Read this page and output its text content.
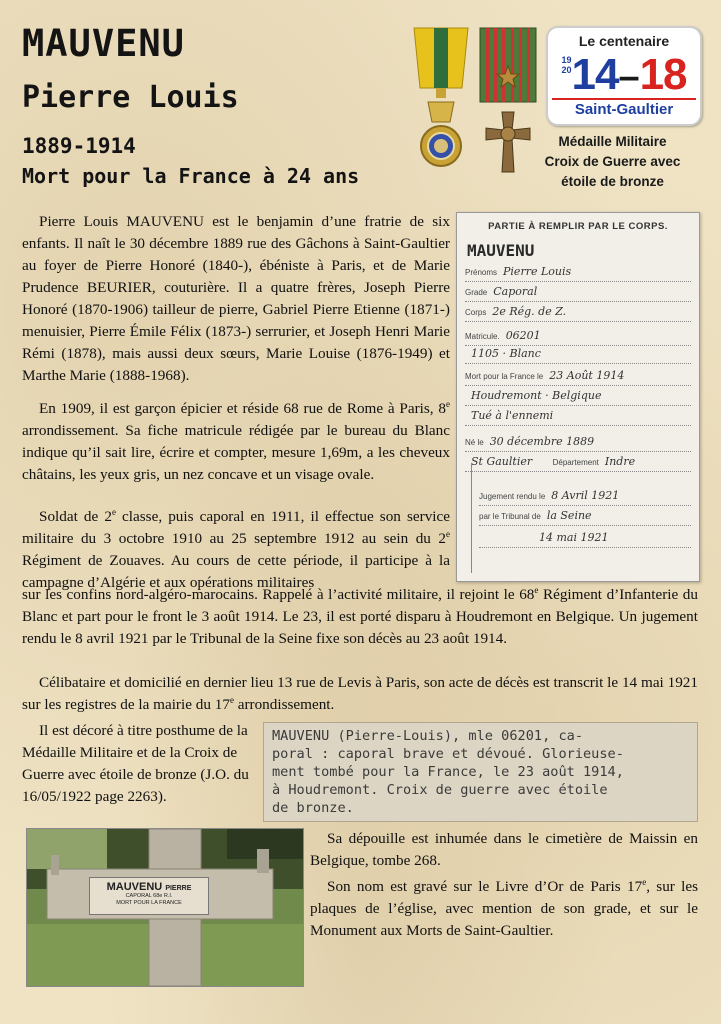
MAUVENU
Pierre Louis
1889-1914
Mort pour la France à 24 ans
Médaille Militaire
Croix de Guerre avec
étoile de bronze
Le centenaire
19
2014–18
Saint-Gaultier

Pierre Louis MAUVENU est le benjamin d’une fratrie de six enfants. Il naît le 30 décembre 1889 rue des Gâchons à Saint-Gaultier au foyer de Pierre Honoré (1840-), ébéniste à Paris, et de Marie Prudence BEURIER, couturière. Il a quatre frères, Joseph Pierre Honoré (1870-1906) tailleur de pierre, Gabriel Pierre Etienne (1871-) menuisier, Pierre Émile Félix (1873-) serrurier, et Joseph Henri Marie Rémi (1878), mais aussi deux sœurs, Marie Louise (1876-1949) et Marthe Marie (1888-1968).

En 1909, il est garçon épicier et réside 68 rue de Rome à Paris, 8e arrondissement. Sa fiche matricule rédigée par le bureau du Blanc indique qu’il sait lire, écrire et compter, mesure 1,69m, a les cheveux châtains, les yeux gris, un nez concave et un visage ovale.

Soldat de 2e classe, puis caporal en 1911, il effectue son service militaire du 3 octobre 1910 au 25 septembre 1912 au sein du 2e Régiment de Zouaves. Au cours de cette période, il participe à la campagne d’Algérie et aux opérations militaires

sur les confins nord-algéro-marocains. Rappelé à l’activité militaire, il rejoint le 68e Régiment d’Infanterie du Blanc et part pour le front le 3 août 1914. Le 23, il est porté disparu à Houdremont en Belgique. Un jugement rendu le 8 avril 1921 par le Tribunal de la Seine fixe son décès au 23 août 1914.

Célibataire et domicilié en dernier lieu 13 rue de Levis à Paris, son acte de décès est transcrit le 14 mai 1921 sur les registres de la mairie du 17e arrondissement.

Il est décoré à titre posthume de la Médaille Militaire et de la Croix de Guerre avec étoile de bronze (J.O. du 16/05/1922 page 2263).

PARTIE À REMPLIR PAR LE CORPS.
MAUVENU
Prénoms Pierre Louis
Grade Caporal
Corps 2e Rég. de Z.
Matricule. 06201
1105 · Blanc
Mort pour la France le 23 Août 1914
Houdremont · Belgique
Tué à l'ennemi
Né le 30 décembre 1889
St Gaultier	Département Indre
Jugement rendu le 8 Avril 1921
par le Tribunal de la Seine
14 mai 1921
MAUVENU (Pierre-Louis), mle 06201, ca-
poral : caporal brave et dévoué. Glorieuse-
ment tombé pour la France, le 23 août 1914,
à Houdremont. Croix de guerre avec étoile
de bronze.
MAUVENU PIERRE
CAPORAL 68e R.I.
MORT POUR LA FRANCE

Sa dépouille est inhumée dans le cimetière de Maissin en Belgique, tombe 268.

Son nom est gravé sur le Livre d’Or de Paris 17e, sur les plaques de l’église, avec mention de son grade, et sur le Monument aux Morts de Saint-Gaultier.
